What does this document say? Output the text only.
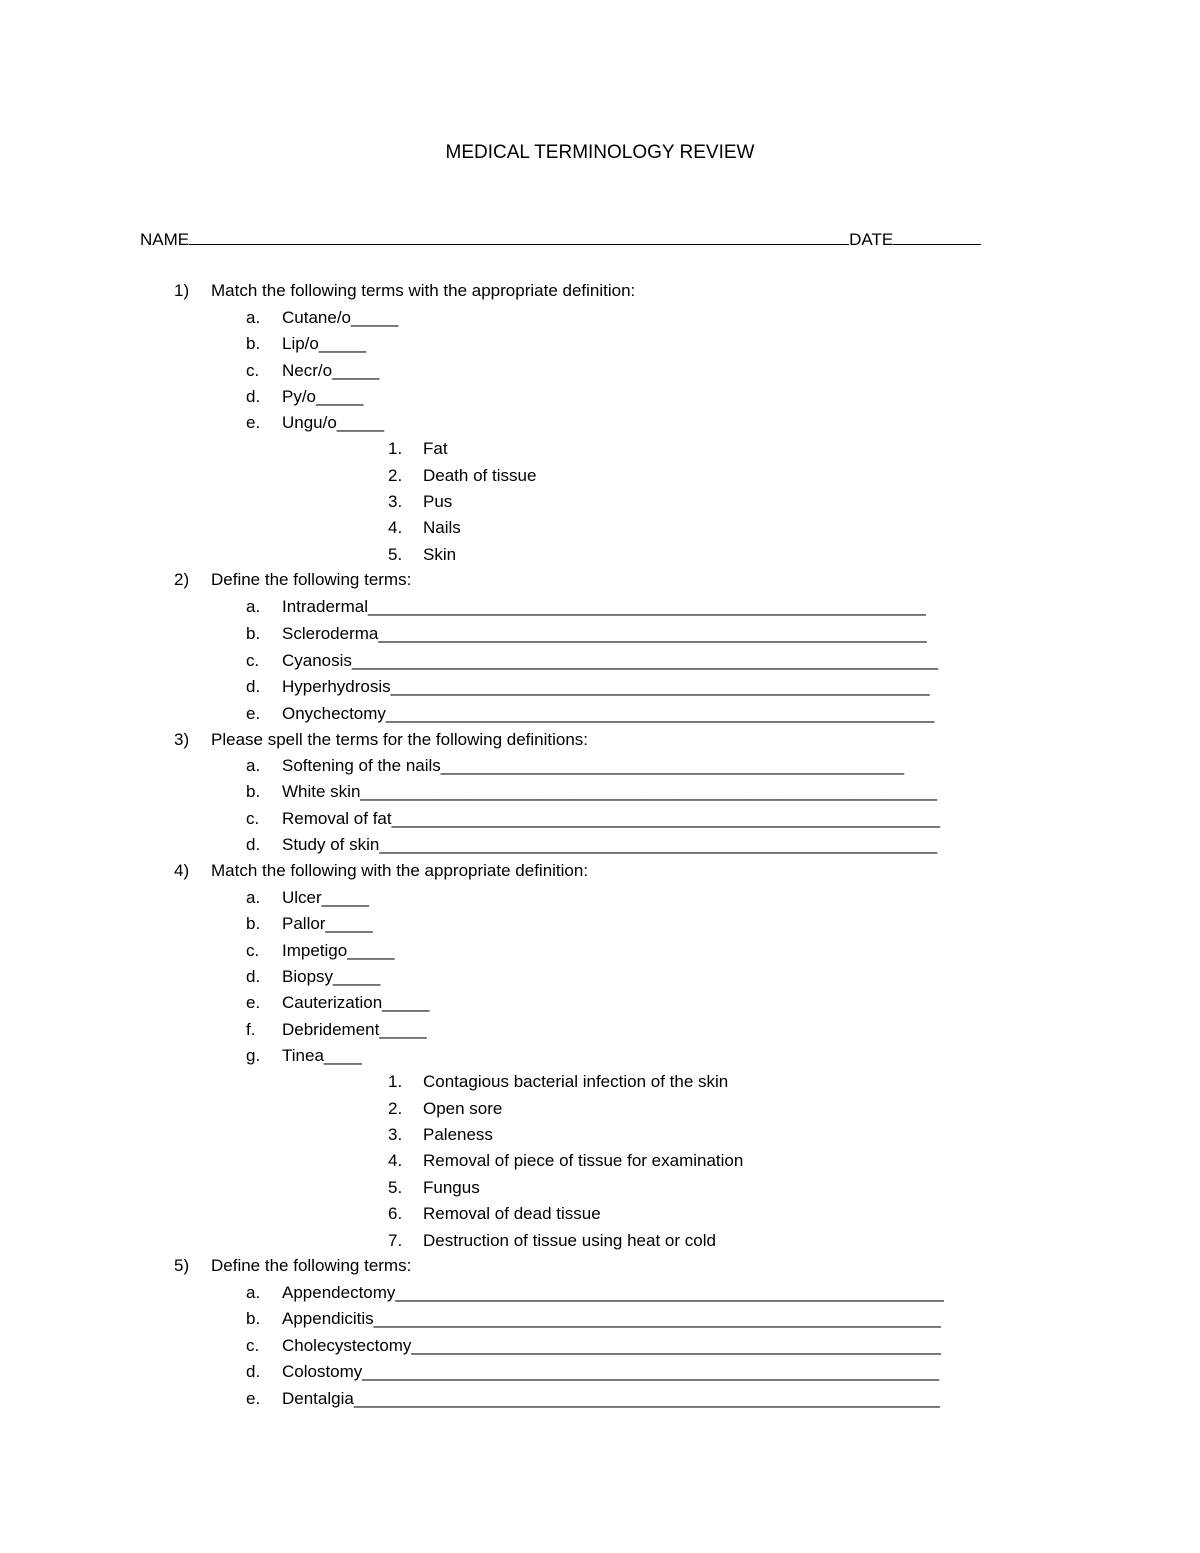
MEDICAL TERMINOLOGY REVIEW
NAME	DATE
1) Match the following terms with the appropriate definition:
a. Cutane/o_____
b. Lip/o_____
c. Necr/o_____
d. Py/o_____
e. Ungu/o_____
1. Fat
2. Death of tissue
3. Pus
4. Nails
5. Skin
2) Define the following terms:
a. Intradermal___________________________________________________________
b. Scleroderma__________________________________________________________
c. Cyanosis______________________________________________________________
d. Hyperhydrosis_________________________________________________________
e. Onychectomy__________________________________________________________
3) Please spell the terms for the following definitions:
a. Softening of the nails_________________________________________________
b. White skin_____________________________________________________________
c. Removal of fat__________________________________________________________
d. Study of skin___________________________________________________________
4) Match the following with the appropriate definition:
a. Ulcer_____
b. Pallor_____
c. Impetigo_____
d. Biopsy_____
e. Cauterization_____
f. Debridement_____
g. Tinea____
1. Contagious bacterial infection of the skin
2. Open sore
3. Paleness
4. Removal of piece of tissue for examination
5. Fungus
6. Removal of dead tissue
7. Destruction of tissue using heat or cold
5) Define the following terms:
a. Appendectomy__________________________________________________________
b. Appendicitis____________________________________________________________
c. Cholecystectomy________________________________________________________
d. Colostomy_____________________________________________________________
e. Dentalgia______________________________________________________________
